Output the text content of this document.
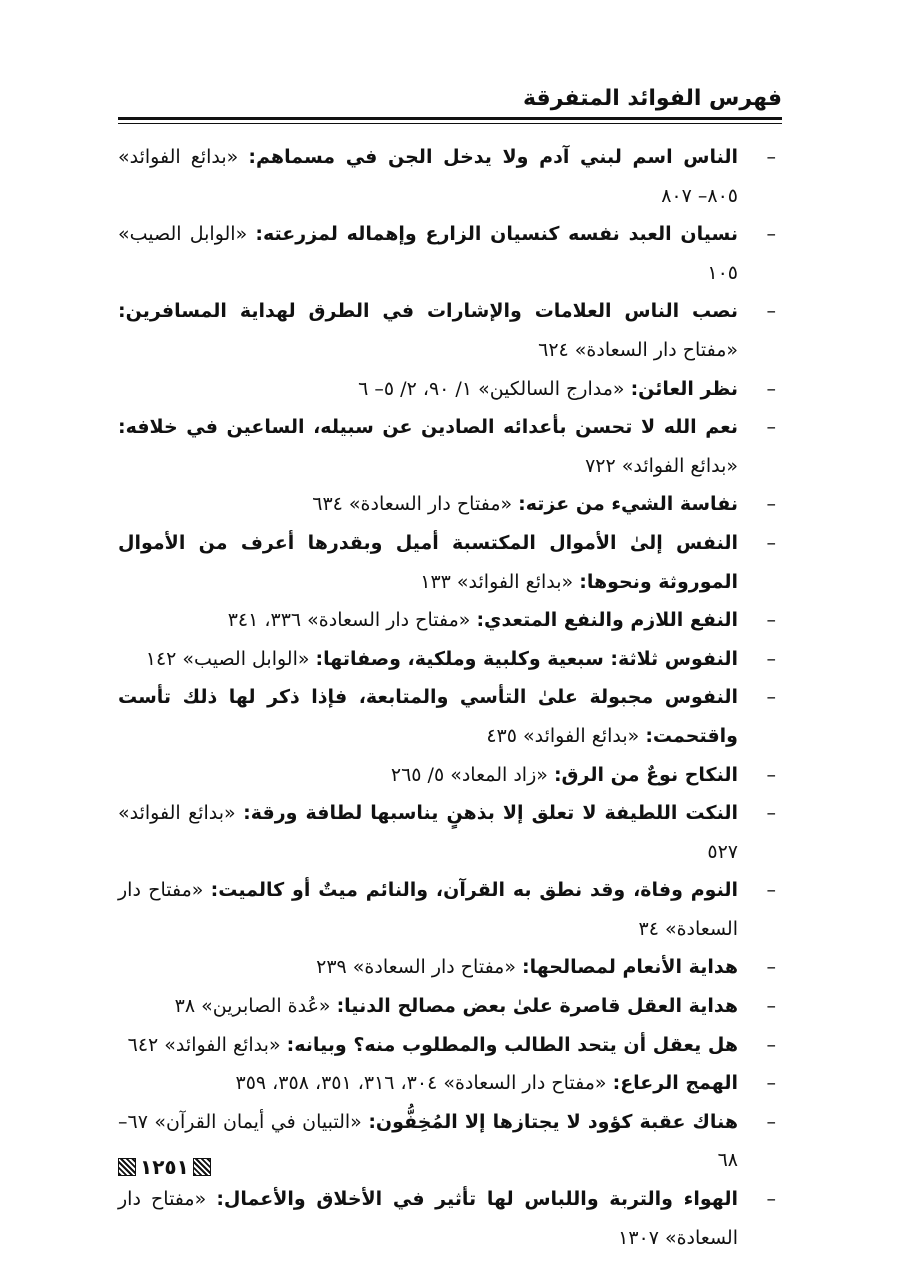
فهرس الفوائد المتفرقة
–
الناس اسم لبني آدم ولا يدخل الجن في مسماهم: «بدائع الفوائد» ٨٠٥– ٨٠٧
–
نسيان العبد نفسه كنسيان الزارع وإهماله لمزرعته: «الوابل الصيب» ١٠٥
–
نصب الناس العلامات والإشارات في الطرق لهداية المسافرين: «مفتاح دار السعادة» ٦٢٤
–
نظر العائن: «مدارج السالكين» ١/ ٩٠، ٢/ ٥– ٦
–
نعم الله لا تحسن بأعدائه الصادين عن سبيله، الساعين في خلافه: «بدائع الفوائد» ٧٢٢
–
نفاسة الشيء من عزته: «مفتاح دار السعادة» ٦٣٤
–
النفس إلىٰ الأموال المكتسبة أميل وبقدرها أعرف من الأموال الموروثة ونحوها: «بدائع الفوائد» ١٣٣
–
النفع اللازم والنفع المتعدي: «مفتاح دار السعادة» ٣٣٦، ٣٤١
–
النفوس ثلاثة: سبعية وكلبية وملكية، وصفاتها: «الوابل الصيب» ١٤٢
–
النفوس مجبولة علىٰ التأسي والمتابعة، فإذا ذكر لها ذلك تأست واقتحمت: «بدائع الفوائد» ٤٣٥
–
النكاح نوعٌ من الرق: «زاد المعاد» ٥/ ٢٦٥
–
النكت اللطيفة لا تعلق إلا بذهنٍ يناسبها لطافة ورقة: «بدائع الفوائد» ٥٢٧
–
النوم وفاة، وقد نطق به القرآن، والنائم ميتٌ أو كالميت: «مفتاح دار السعادة» ٣٤
–
هداية الأنعام لمصالحها: «مفتاح دار السعادة» ٢٣٩
–
هداية العقل قاصرة علىٰ بعض مصالح الدنيا: «عُدة الصابرين» ٣٨
–
هل يعقل أن يتحد الطالب والمطلوب منه؟ وبيانه: «بدائع الفوائد» ٦٤٢
–
الهمج الرعاع: «مفتاح دار السعادة» ٣٠٤، ٣١٦، ٣٥١، ٣٥٨، ٣٥٩
–
هناك عقبة كؤود لا يجتازها إلا المُخِفُّون: «التبيان في أيمان القرآن» ٦٧– ٦٨
–
الهواء والتربة واللباس لها تأثير في الأخلاق والأعمال: «مفتاح دار السعادة» ١٣٠٧
١٢٥١
